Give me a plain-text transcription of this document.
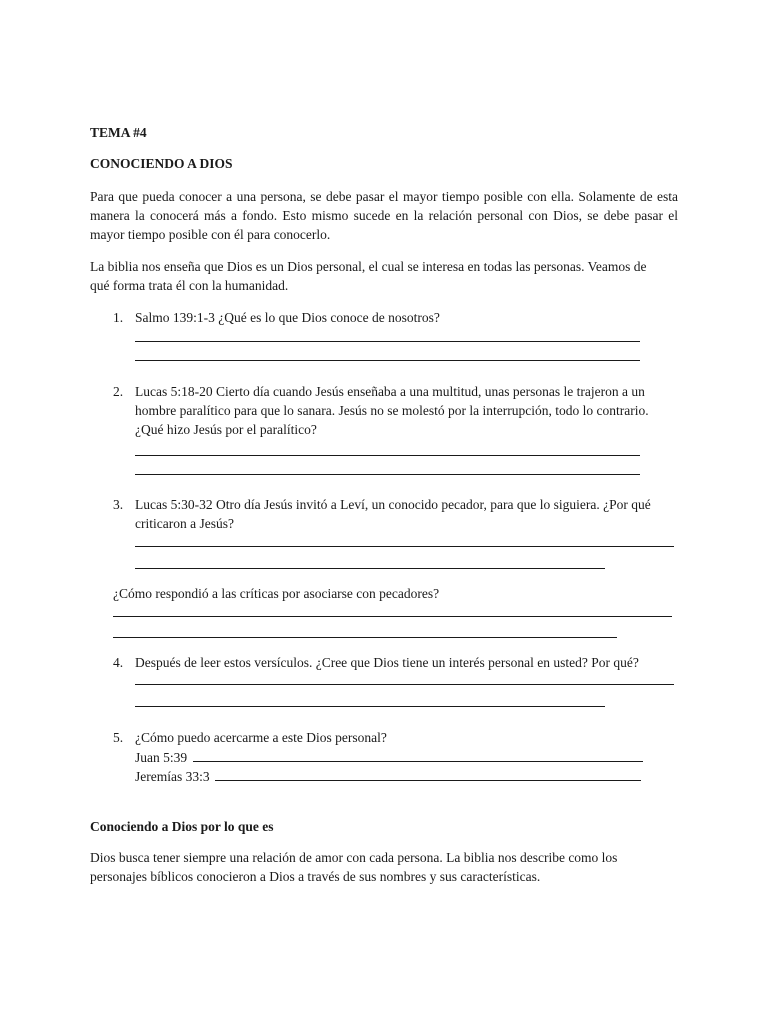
TEMA #4
CONOCIENDO A DIOS
Para que pueda conocer a una persona, se debe pasar el mayor tiempo posible con ella. Solamente de esta manera la conocerá más a fondo. Esto mismo sucede en la relación personal con Dios, se debe pasar el mayor tiempo posible con él para conocerlo.
La biblia nos enseña que Dios es un Dios personal, el cual se interesa en todas las personas. Veamos de
qué forma trata él con la humanidad.
1. Salmo 139:1-3 ¿Qué es lo que Dios conoce de nosotros?
2. Lucas 5:18-20 Cierto día cuando Jesús enseñaba a una multitud, unas personas le trajeron a un
hombre paralítico para que lo sanara. Jesús no se molestó por la interrupción, todo lo contrario.
¿Qué hizo Jesús por el paralítico?
3. Lucas 5:30-32 Otro día Jesús invitó a Leví, un conocido pecador, para que lo siguiera. ¿Por qué
criticaron a Jesús?
¿Cómo respondió a las críticas por asociarse con pecadores?
4. Después de leer estos versículos. ¿Cree que Dios tiene un interés personal en usted? Por qué?
5. ¿Cómo puedo acercarme a este Dios personal?
Juan 5:39
Jeremías 33:3
Conociendo a Dios por lo que es
Dios busca tener siempre una relación de amor con cada persona. La biblia nos describe como los
personajes bíblicos conocieron a Dios a través de sus nombres y sus características.
